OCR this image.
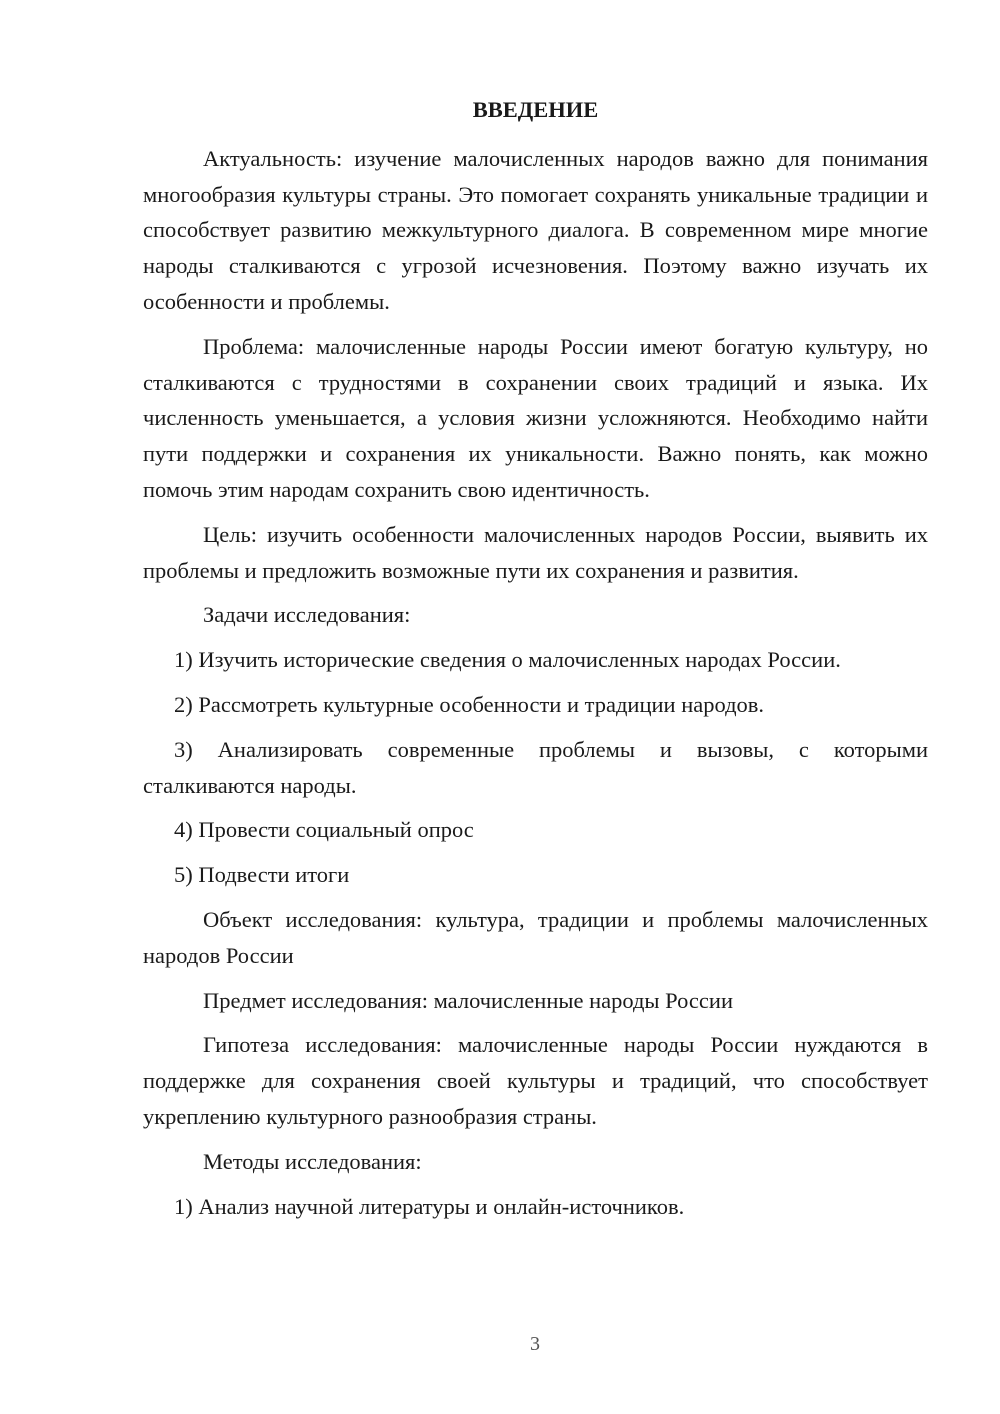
ВВЕДЕНИЕ

Актуальность: изучение малочисленных народов важно для понимания многообразия культуры страны. Это помогает сохранять уникальные традиции и способствует развитию межкультурного диалога. В современном мире многие народы сталкиваются с угрозой исчезновения. Поэтому важно изучать их особенности и проблемы.

Проблема: малочисленные народы России имеют богатую культуру, но сталкиваются с трудностями в сохранении своих традиций и языка. Их численность уменьшается, а условия жизни усложняются. Необходимо найти пути поддержки и сохранения их уникальности. Важно понять, как можно помочь этим народам сохранить свою идентичность.

Цель: изучить особенности малочисленных народов России, выявить их проблемы и предложить возможные пути их сохранения и развития.

Задачи исследования:

1) Изучить исторические сведения о малочисленных народах России.

2) Рассмотреть культурные особенности и традиции народов.

3) Анализировать современные проблемы и вызовы, с которыми сталкиваются народы.

4) Провести социальный опрос

5) Подвести итоги

Объект исследования: культура, традиции и проблемы малочисленных народов России

Предмет исследования: малочисленные народы России

Гипотеза исследования: малочисленные народы России нуждаются в поддержке для сохранения своей культуры и традиций, что способствует укреплению культурного разнообразия страны.

Методы исследования:

1) Анализ научной литературы и онлайн-источников.

3
